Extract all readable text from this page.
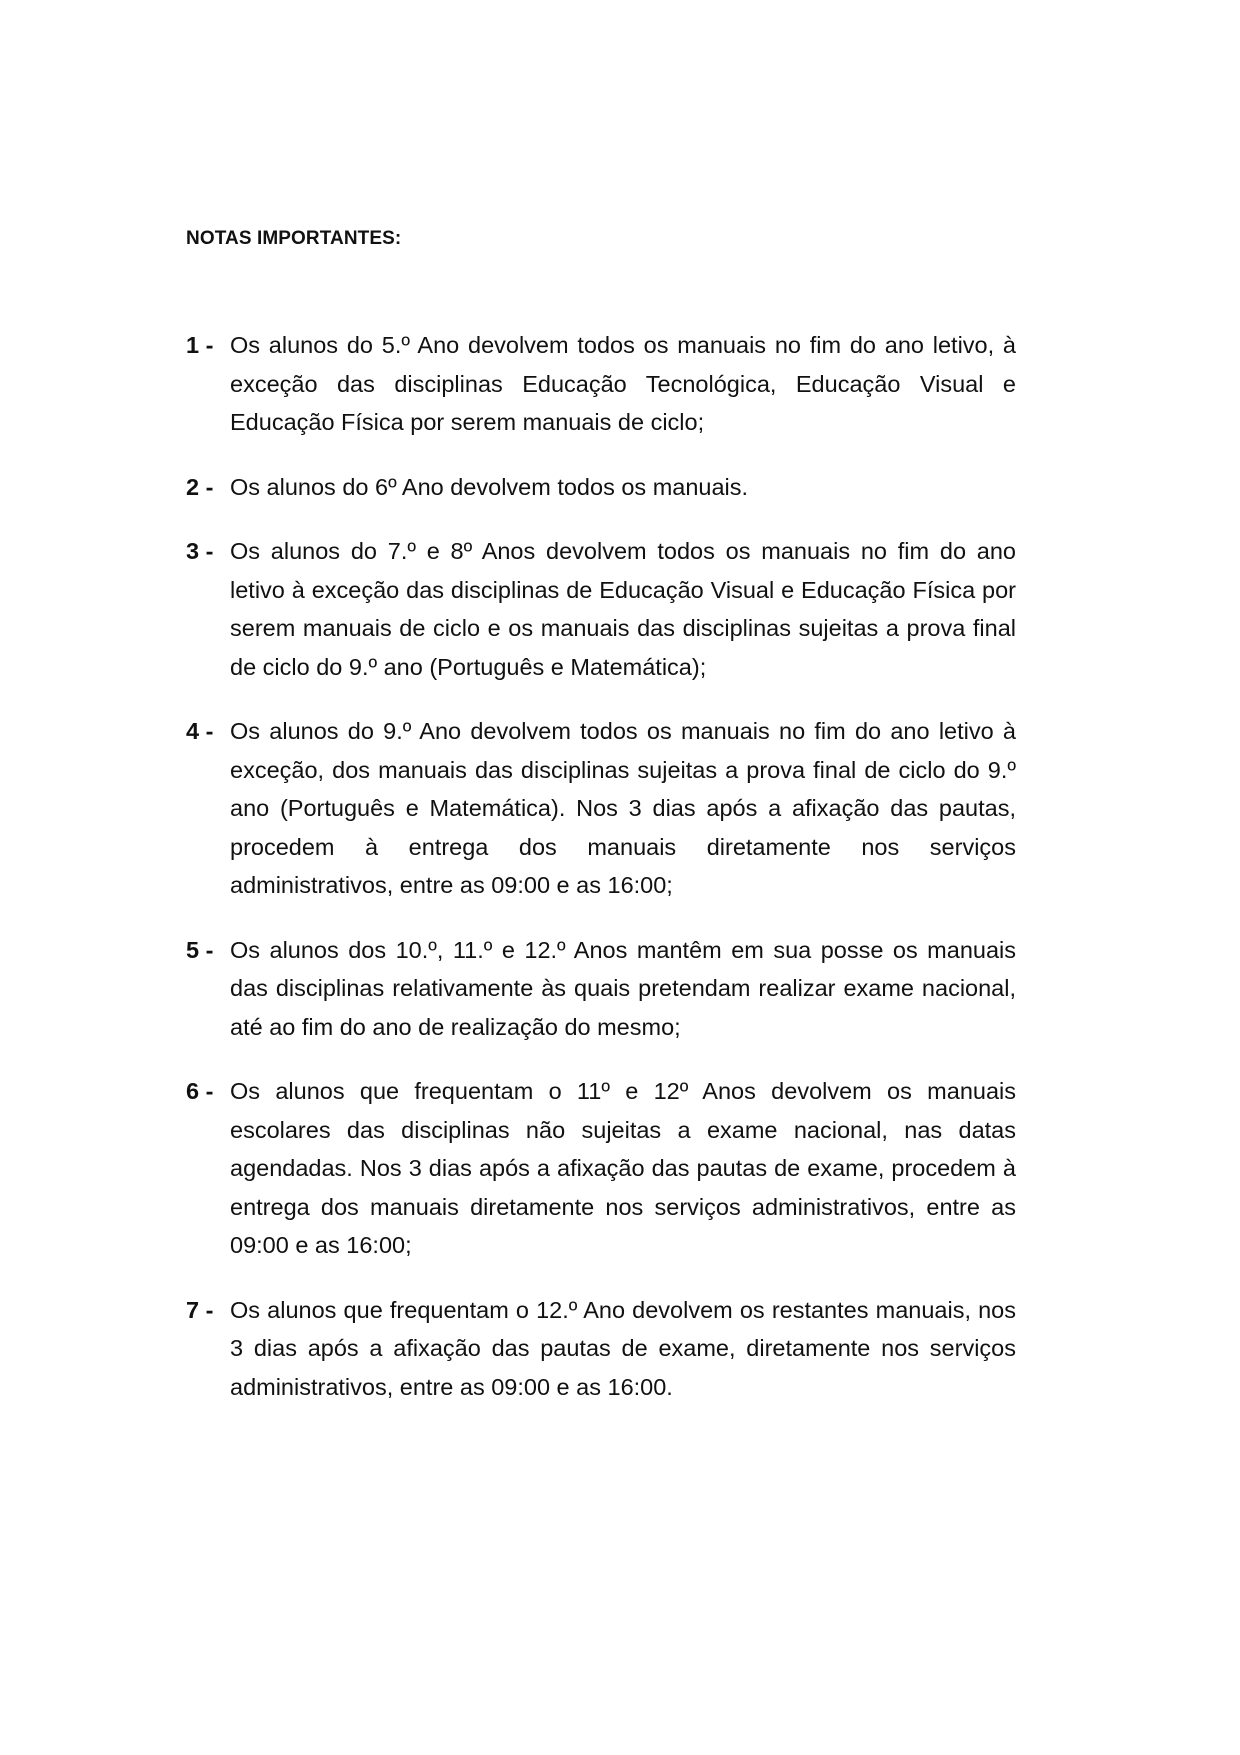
NOTAS IMPORTANTES:
1 - Os alunos do 5.º Ano devolvem todos os manuais no fim do ano letivo, à exceção das disciplinas Educação Tecnológica, Educação Visual e Educação Física por serem manuais de ciclo;
2 - Os alunos do 6º Ano devolvem todos os manuais.
3 - Os alunos do 7.º e 8º Anos devolvem todos os manuais no fim do ano letivo à exceção das disciplinas de Educação Visual e Educação Física por serem manuais de ciclo e os manuais das disciplinas sujeitas a prova final de ciclo do 9.º ano (Português e Matemática);
4 - Os alunos do 9.º Ano devolvem todos os manuais no fim do ano letivo à exceção, dos manuais das disciplinas sujeitas a prova final de ciclo do 9.º ano (Português e Matemática). Nos 3 dias após a afixação das pautas, procedem à entrega dos manuais diretamente nos serviços administrativos, entre as 09:00 e as 16:00;
5 - Os alunos dos 10.º, 11.º e 12.º Anos mantêm em sua posse os manuais das disciplinas relativamente às quais pretendam realizar exame nacional, até ao fim do ano de realização do mesmo;
6 - Os alunos que frequentam o 11º e 12º Anos devolvem os manuais escolares das disciplinas não sujeitas a exame nacional, nas datas agendadas. Nos 3 dias após a afixação das pautas de exame, procedem à entrega dos manuais diretamente nos serviços administrativos, entre as 09:00 e as 16:00;
7 - Os alunos que frequentam o 12.º Ano devolvem os restantes manuais, nos 3 dias após a afixação das pautas de exame, diretamente nos serviços administrativos, entre as 09:00 e as 16:00.
